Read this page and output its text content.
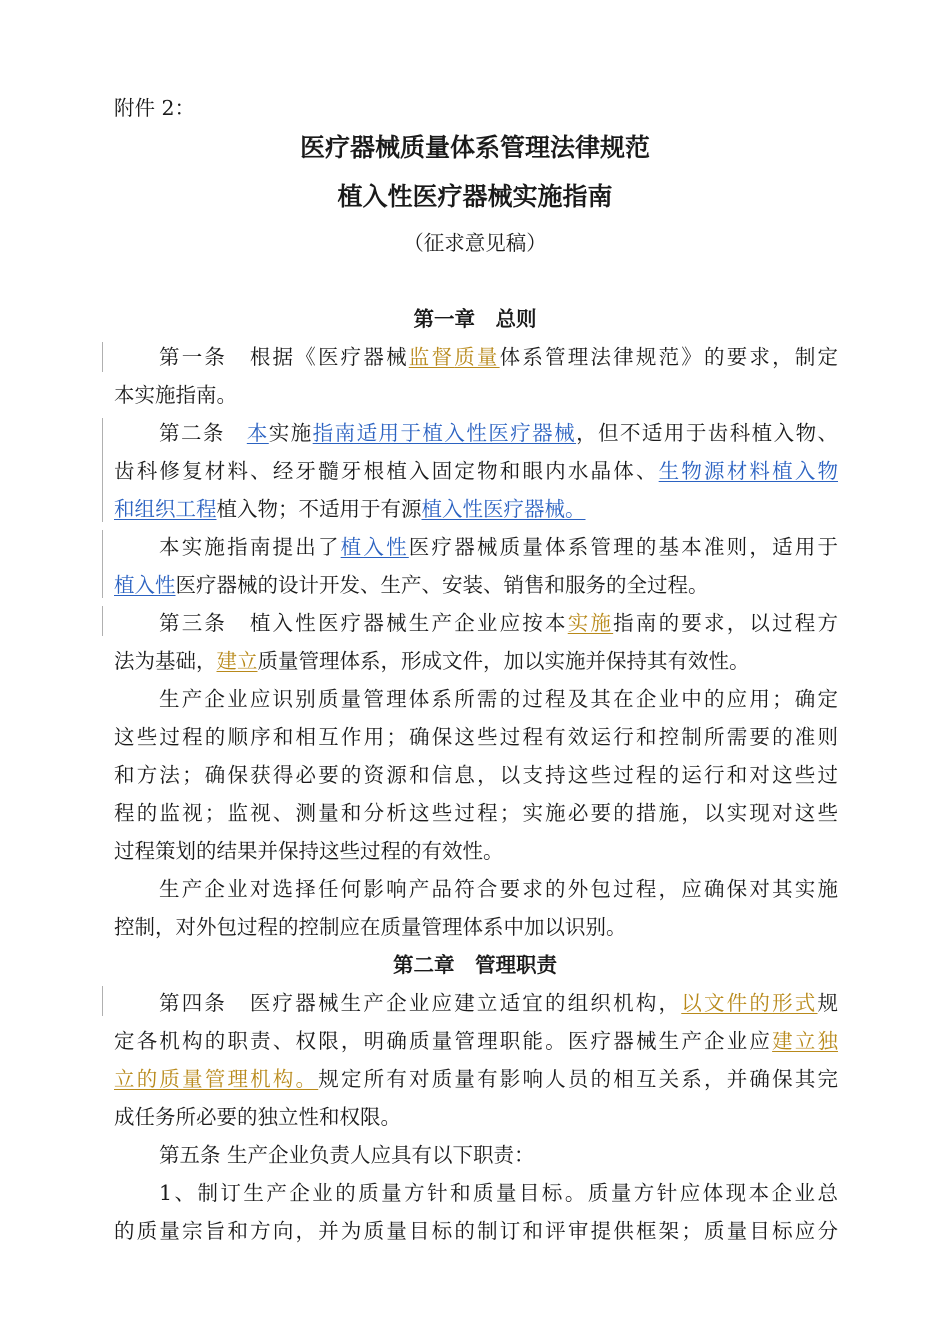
附件 2：
医疗器械质量体系管理法律规范
植入性医疗器械实施指南
（征求意见稿）
第一章　总则
第一条　根据《医疗器械监督质量体系管理法律规范》的要求，制定
本实施指南。
第二条　本实施指南适用于植入性医疗器械，但不适用于齿科植入物、
齿科修复材料、经牙髓牙根植入固定物和眼内水晶体、生物源材料植入物
和组织工程植入物；不适用于有源植入性医疗器械。
本实施指南提出了植入性医疗器械质量体系管理的基本准则，适用于
植入性医疗器械的设计开发、生产、安装、销售和服务的全过程。
第三条　植入性医疗器械生产企业应按本实施指南的要求，以过程方
法为基础，建立质量管理体系，形成文件，加以实施并保持其有效性。
生产企业应识别质量管理体系所需的过程及其在企业中的应用；确定
这些过程的顺序和相互作用；确保这些过程有效运行和控制所需要的准则
和方法；确保获得必要的资源和信息，以支持这些过程的运行和对这些过
程的监视；监视、测量和分析这些过程；实施必要的措施，以实现对这些
过程策划的结果并保持这些过程的有效性。
生产企业对选择任何影响产品符合要求的外包过程，应确保对其实施
控制，对外包过程的控制应在质量管理体系中加以识别。
第二章　管理职责
第四条　医疗器械生产企业应建立适宜的组织机构，以文件的形式规
定各机构的职责、权限，明确质量管理职能。医疗器械生产企业应建立独
立的质量管理机构。规定所有对质量有影响人员的相互关系，并确保其完
成任务所必要的独立性和权限。
第五条 生产企业负责人应具有以下职责：
1、制订生产企业的质量方针和质量目标。质量方针应体现本企业总
的质量宗旨和方向，并为质量目标的制订和评审提供框架；质量目标应分
